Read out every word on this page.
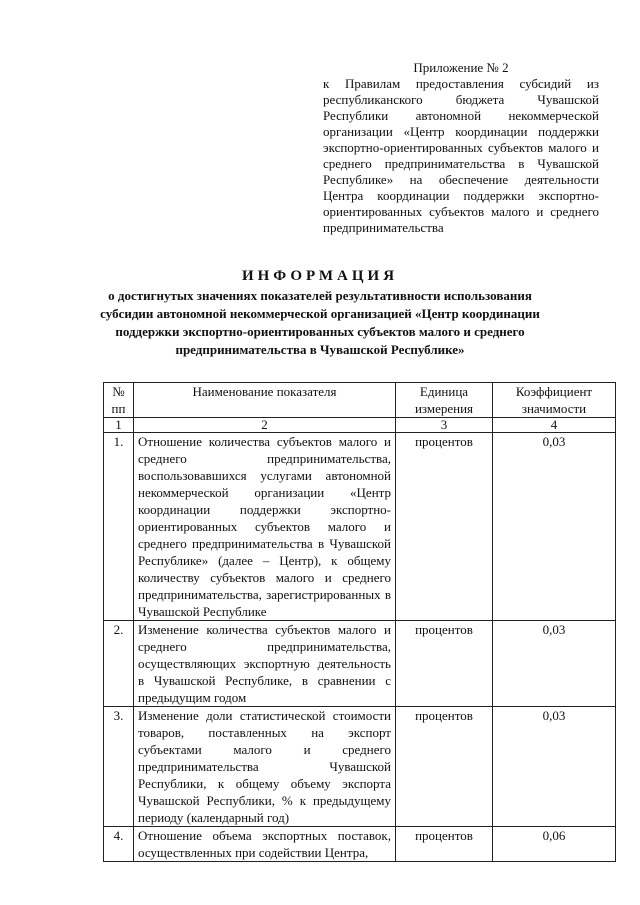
Приложение № 2
к Правилам предоставления субсидий из республиканского бюджета Чувашской Республики автономной некоммерческой организации «Центр координации поддержки экспортно-ориентированных субъектов малого и среднего предпринимательства в Чувашской Республике» на обеспечение деятельности Центра координации поддержки экспортно-ориентированных субъектов малого и среднего предпринимательства
ИНФОРМАЦИЯ
о достигнутых значениях показателей результативности использования субсидии автономной некоммерческой организацией «Центр координации поддержки экспортно-ориентированных субъектов малого и среднего предпринимательства в Чувашской Республике»
№ пп	Наименование показателя	Единица измерения	Коэффициент значимости
1	2	3	4
1.	Отношение количества субъектов малого и среднего предпринимательства, воспользовавшихся услугами автономной некоммерческой организации «Центр координации поддержки экспортно-ориентированных субъектов малого и среднего предпринимательства в Чувашской Республике» (далее – Центр), к общему количеству субъектов малого и среднего предпринимательства, зарегистрированных в Чувашской Республике	процентов	0,03
2.	Изменение количества субъектов малого и среднего предпринимательства, осуществляющих экспортную деятельность в Чувашской Республике, в сравнении с предыдущим годом	процентов	0,03
3.	Изменение доли статистической стоимости товаров, поставленных на экспорт субъектами малого и среднего предпринимательства Чувашской Республики, к общему объему экспорта Чувашской Республики, % к предыдущему периоду (календарный год)	процентов	0,03
4.	Отношение объема экспортных поставок, осуществленных при содействии Центра,	процентов	0,06
